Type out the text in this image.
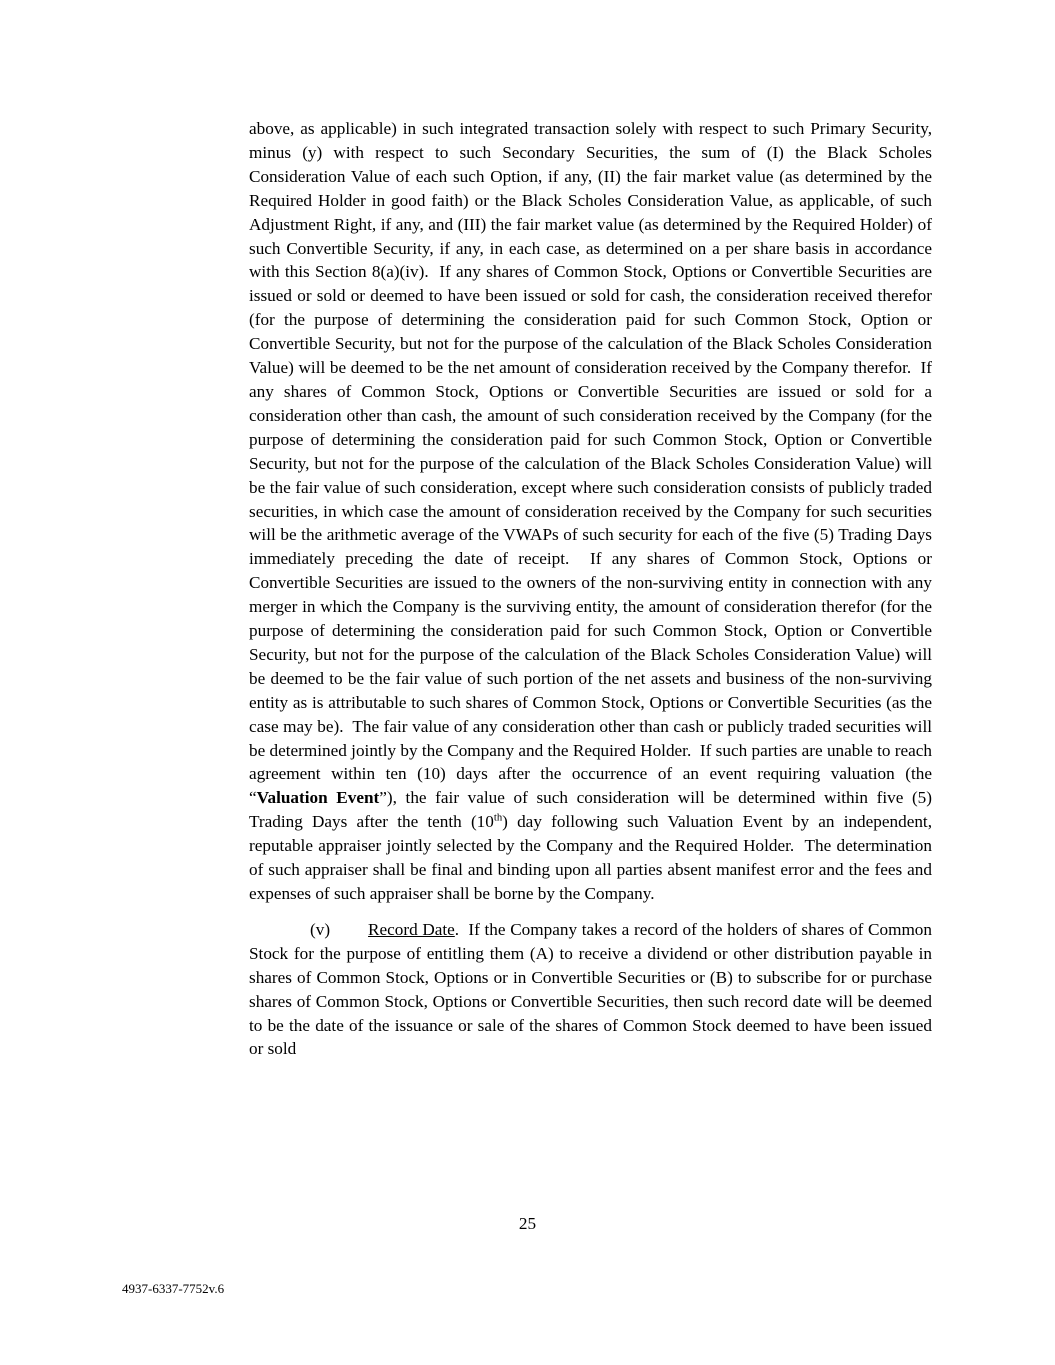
above, as applicable) in such integrated transaction solely with respect to such Primary Security, minus (y) with respect to such Secondary Securities, the sum of (I) the Black Scholes Consideration Value of each such Option, if any, (II) the fair market value (as determined by the Required Holder in good faith) or the Black Scholes Consideration Value, as applicable, of such Adjustment Right, if any, and (III) the fair market value (as determined by the Required Holder) of such Convertible Security, if any, in each case, as determined on a per share basis in accordance with this Section 8(a)(iv).  If any shares of Common Stock, Options or Convertible Securities are issued or sold or deemed to have been issued or sold for cash, the consideration received therefor (for the purpose of determining the consideration paid for such Common Stock, Option or Convertible Security, but not for the purpose of the calculation of the Black Scholes Consideration Value) will be deemed to be the net amount of consideration received by the Company therefor.  If any shares of Common Stock, Options or Convertible Securities are issued or sold for a consideration other than cash, the amount of such consideration received by the Company (for the purpose of determining the consideration paid for such Common Stock, Option or Convertible Security, but not for the purpose of the calculation of the Black Scholes Consideration Value) will be the fair value of such consideration, except where such consideration consists of publicly traded securities, in which case the amount of consideration received by the Company for such securities will be the arithmetic average of the VWAPs of such security for each of the five (5) Trading Days immediately preceding the date of receipt.  If any shares of Common Stock, Options or Convertible Securities are issued to the owners of the non-surviving entity in connection with any merger in which the Company is the surviving entity, the amount of consideration therefor (for the purpose of determining the consideration paid for such Common Stock, Option or Convertible Security, but not for the purpose of the calculation of the Black Scholes Consideration Value) will be deemed to be the fair value of such portion of the net assets and business of the non-surviving entity as is attributable to such shares of Common Stock, Options or Convertible Securities (as the case may be).  The fair value of any consideration other than cash or publicly traded securities will be determined jointly by the Company and the Required Holder.  If such parties are unable to reach agreement within ten (10) days after the occurrence of an event requiring valuation (the “Valuation Event”), the fair value of such consideration will be determined within five (5) Trading Days after the tenth (10th) day following such Valuation Event by an independent, reputable appraiser jointly selected by the Company and the Required Holder.  The determination of such appraiser shall be final and binding upon all parties absent manifest error and the fees and expenses of such appraiser shall be borne by the Company.

(v) Record Date.  If the Company takes a record of the holders of shares of Common Stock for the purpose of entitling them (A) to receive a dividend or other distribution payable in shares of Common Stock, Options or in Convertible Securities or (B) to subscribe for or purchase shares of Common Stock, Options or Convertible Securities, then such record date will be deemed to be the date of the issuance or sale of the shares of Common Stock deemed to have been issued or sold

25
4937-6337-7752v.6
